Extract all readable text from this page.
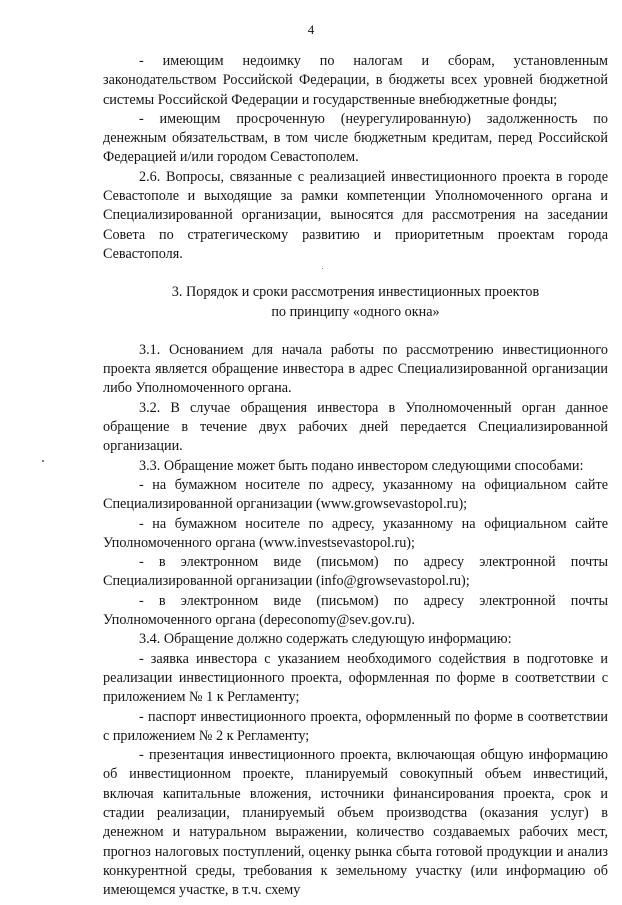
4

- имеющим недоимку по налогам и сборам, установленным законодательством Российской Федерации, в бюджеты всех уровней бюджетной системы Российской Федерации и государственные внебюджетные фонды;

- имеющим просроченную (неурегулированную) задолженность по денежным обязательствам, в том числе бюджетным кредитам, перед Российской Федерацией и/или городом Севастополем.

2.6. Вопросы, связанные с реализацией инвестиционного проекта в городе Севастополе и выходящие за рамки компетенции Уполномоченного органа и Специализированной организации, выносятся для рассмотрения на заседании Совета по стратегическому развитию и приоритетным проектам города Севастополя.

3. Порядок и сроки рассмотрения инвестиционных проектов
по принципу «одного окна»

3.1. Основанием для начала работы по рассмотрению инвестиционного проекта является обращение инвестора в адрес Специализированной организации либо Уполномоченного органа.

3.2. В случае обращения инвестора в Уполномоченный орган данное обращение в течение двух рабочих дней передается Специализированной организации.

3.3. Обращение может быть подано инвестором следующими способами:

- на бумажном носителе по адресу, указанному на официальном сайте Специализированной организации (www.growsevastopol.ru);

- на бумажном носителе по адресу, указанному на официальном сайте Уполномоченного органа (www.investsevastopol.ru);

- в электронном виде (письмом) по адресу электронной почты Специализированной организации (info@growsevastopol.ru);

- в электронном виде (письмом) по адресу электронной почты Уполномоченного органа (depeconomy@sev.gov.ru).

3.4. Обращение должно содержать следующую информацию:

- заявка инвестора с указанием необходимого содействия в подготовке и реализации инвестиционного проекта, оформленная по форме в соответствии с приложением № 1 к Регламенту;

- паспорт инвестиционного проекта, оформленный по форме в соответствии с приложением № 2 к Регламенту;

- презентация инвестиционного проекта, включающая общую информацию об инвестиционном проекте, планируемый совокупный объем инвестиций, включая капитальные вложения, источники финансирования проекта, срок и стадии реализации, планируемый объем производства (оказания услуг) в денежном и натуральном выражении, количество создаваемых рабочих мест, прогноз налоговых поступлений, оценку рынка сбыта готовой продукции и анализ конкурентной среды, требования к земельному участку (или информацию об имеющемся участке, в т.ч. схему
